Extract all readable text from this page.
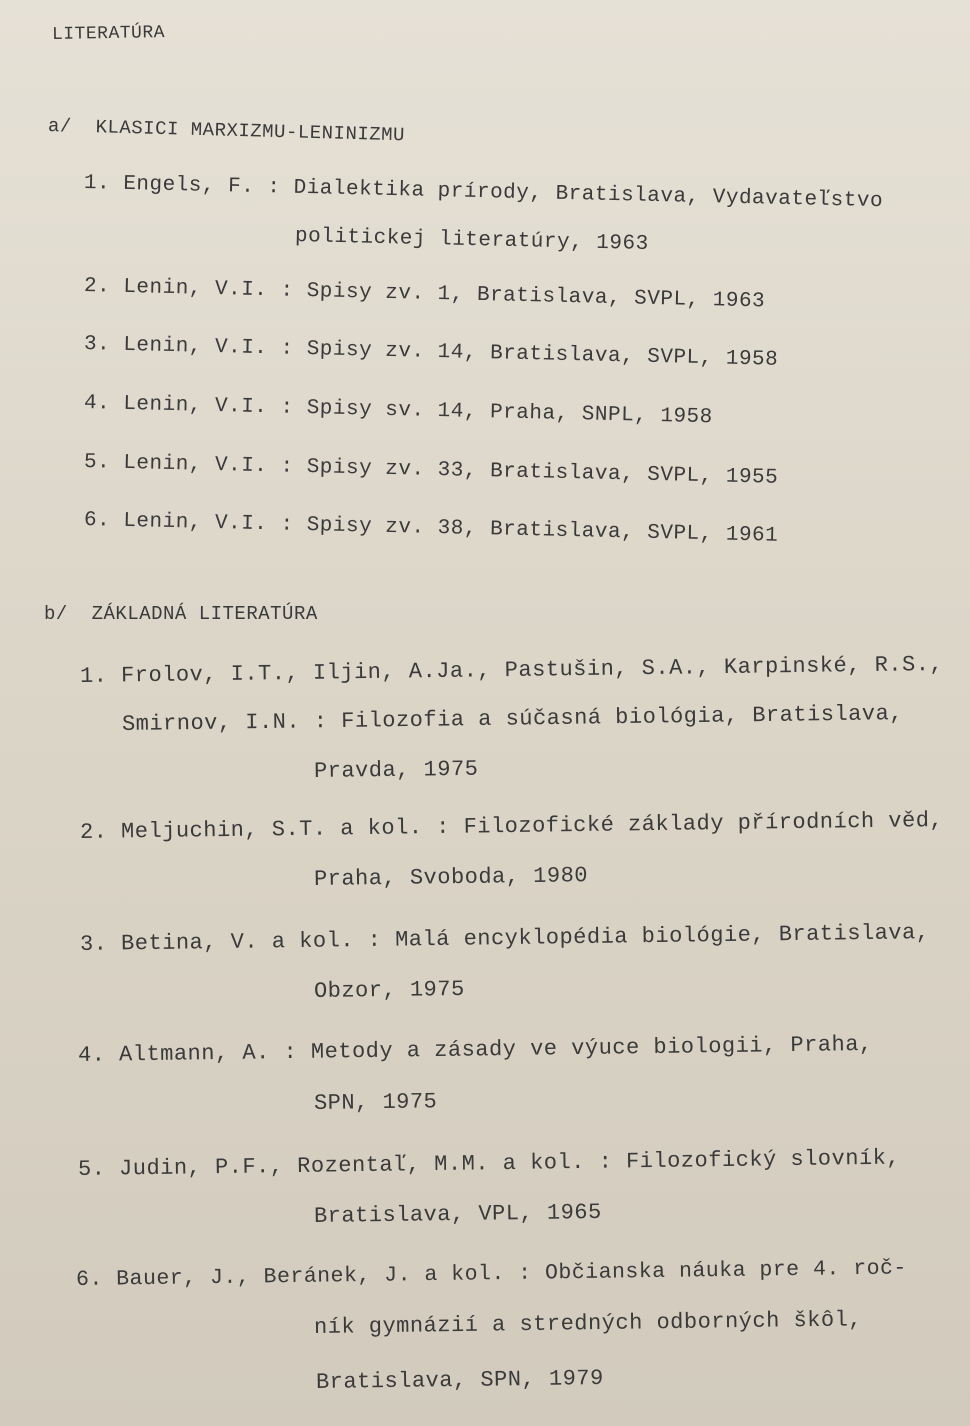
LITERATÚRA
a/  KLASICI MARXIZMU-LENINIZMU
1. Engels, F. : Dialektika prírody, Bratislava, Vydavateľstvo
politickej literatúry, 1963
2. Lenin, V.I. : Spisy zv. 1, Bratislava, SVPL, 1963
3. Lenin, V.I. : Spisy zv. 14, Bratislava, SVPL, 1958
4. Lenin, V.I. : Spisy sv. 14, Praha, SNPL, 1958
5. Lenin, V.I. : Spisy zv. 33, Bratislava, SVPL, 1955
6. Lenin, V.I. : Spisy zv. 38, Bratislava, SVPL, 1961
b/  ZÁKLADNÁ LITERATÚRA
1. Frolov, I.T., Iljin, A.Ja., Pastušin, S.A., Karpinské, R.S.,
Smirnov, I.N. : Filozofia a súčasná biológia, Bratislava,
Pravda, 1975
2. Meljuchin, S.T. a kol. : Filozofické základy přírodních věd,
Praha, Svoboda, 1980
3. Betina, V. a kol. : Malá encyklopédia biológie, Bratislava,
Obzor, 1975
4. Altmann, A. : Metody a zásady ve výuce biologii, Praha,
SPN, 1975
5. Judin, P.F., Rozentaľ, M.M. a kol. : Filozofický slovník,
Bratislava, VPL, 1965
6. Bauer, J., Beránek, J. a kol. : Občianska náuka pre 4. roč-
ník gymnázií a stredných odborných škôl,
Bratislava, SPN, 1979
